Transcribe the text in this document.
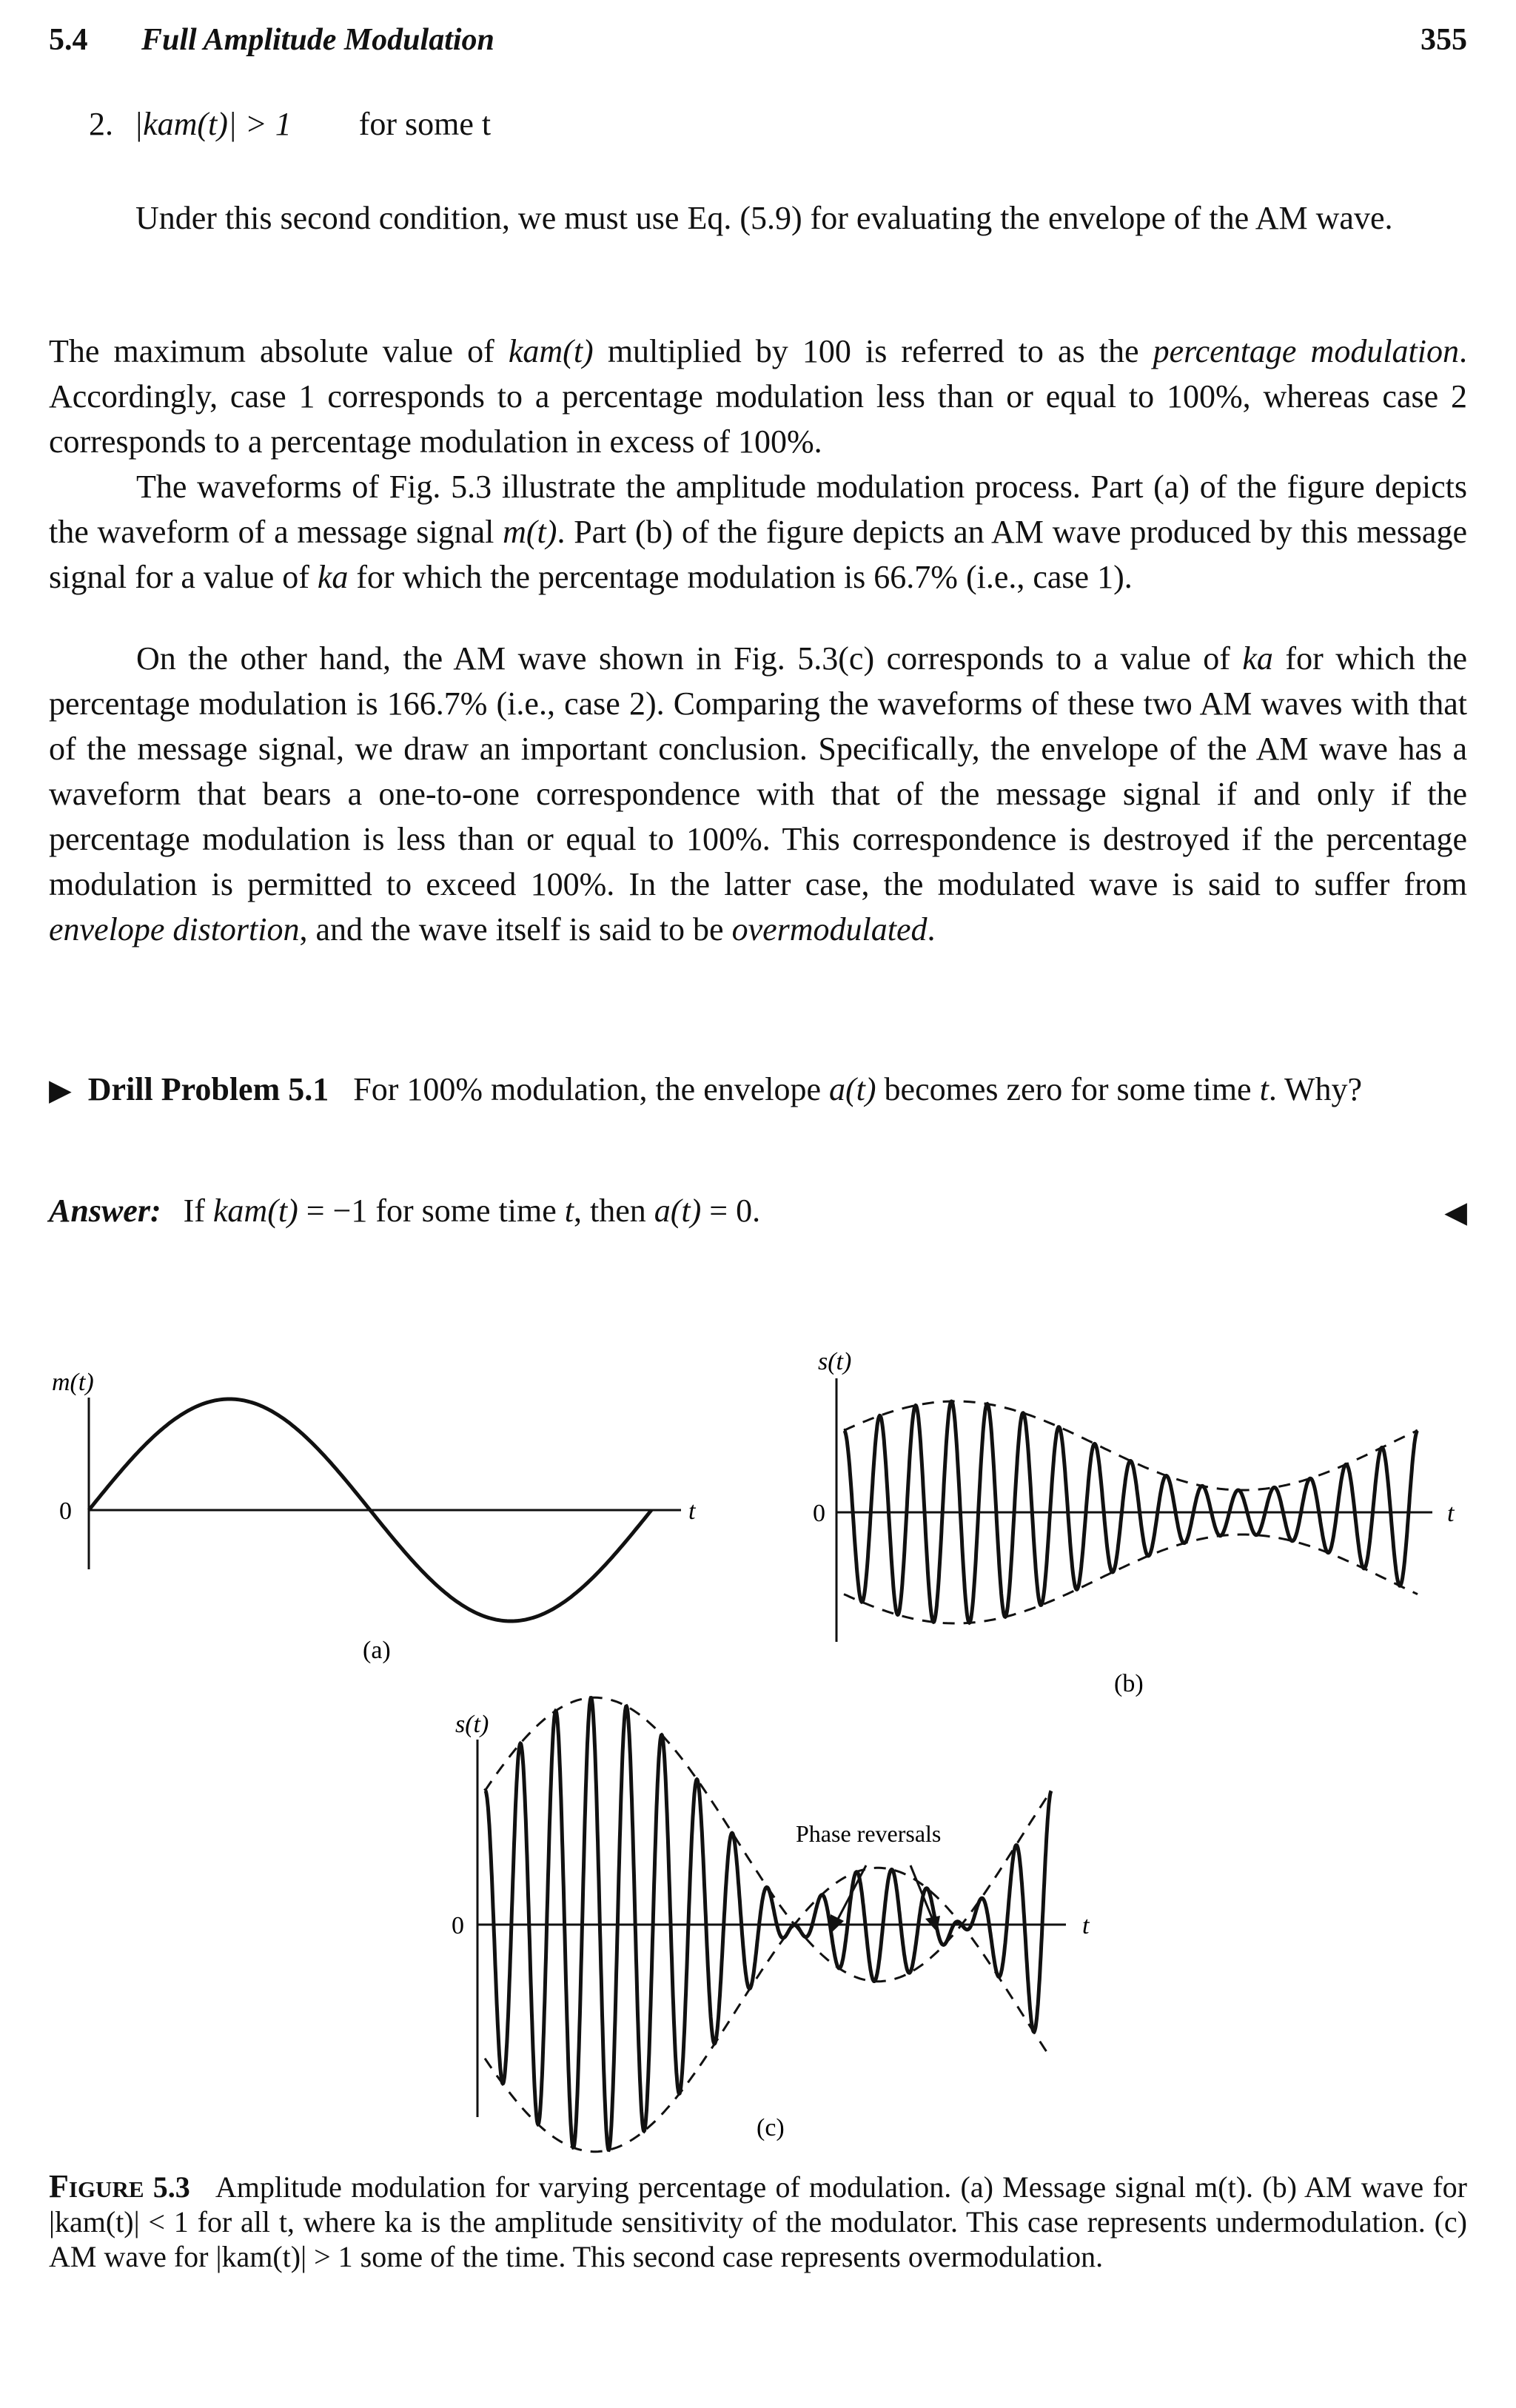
5.4 Full Amplitude Modulation	355
2. |kam(t)| > 1 for some t
Under this second condition, we must use Eq. (5.9) for evaluating the envelope of the AM wave.
The maximum absolute value of kam(t) multiplied by 100 is referred to as the percentage modulation. Accordingly, case 1 corresponds to a percentage modulation less than or equal to 100%, whereas case 2 corresponds to a percentage modulation in excess of 100%.
The waveforms of Fig. 5.3 illustrate the amplitude modulation process. Part (a) of the figure depicts the waveform of a message signal m(t). Part (b) of the figure depicts an AM wave produced by this message signal for a value of ka for which the percentage modulation is 66.7% (i.e., case 1).
On the other hand, the AM wave shown in Fig. 5.3(c) corresponds to a value of ka for which the percentage modulation is 166.7% (i.e., case 2). Comparing the waveforms of these two AM waves with that of the message signal, we draw an important conclusion. Specifically, the envelope of the AM wave has a waveform that bears a one-to-one correspondence with that of the message signal if and only if the percentage modulation is less than or equal to 100%. This correspondence is destroyed if the percentage modulation is permitted to exceed 100%. In the latter case, the modulated wave is said to suffer from envelope distortion, and the wave itself is said to be overmodulated.
▶ Drill Problem 5.1 For 100% modulation, the envelope a(t) becomes zero for some time t. Why?
Answer: If kam(t) = −1 for some time t, then a(t) = 0.	◀
m(t)
0	t
(a)
s(t)
0	t
(b)
Phase reversals
s(t)
0	t
(c)
Figure 5.3 Amplitude modulation for varying percentage of modulation. (a) Message signal m(t). (b) AM wave for |kam(t)| < 1 for all t, where ka is the amplitude sensitivity of the modulator. This case represents undermodulation. (c) AM wave for |kam(t)| > 1 some of the time. This second case represents overmodulation.
